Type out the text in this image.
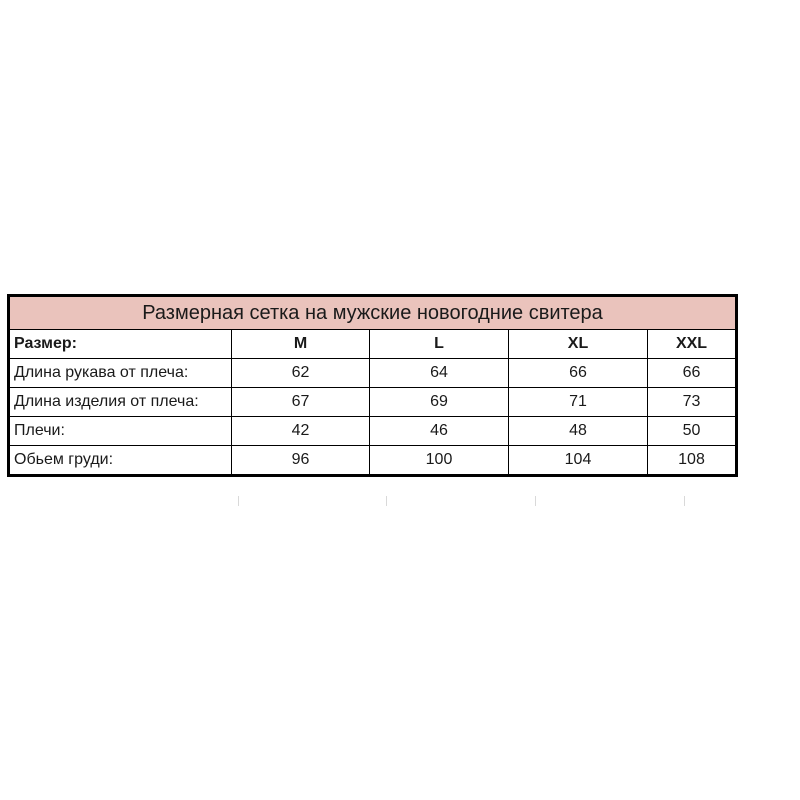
Размерная сетка на мужские новогодние свитера				
Размер:	M	L	XL	XXL
Длина рукава от плеча:	62	64	66	66
Длина изделия от плеча:	67	69	71	73
Плечи:	42	46	48	50
Обьем груди:	96	100	104	108
